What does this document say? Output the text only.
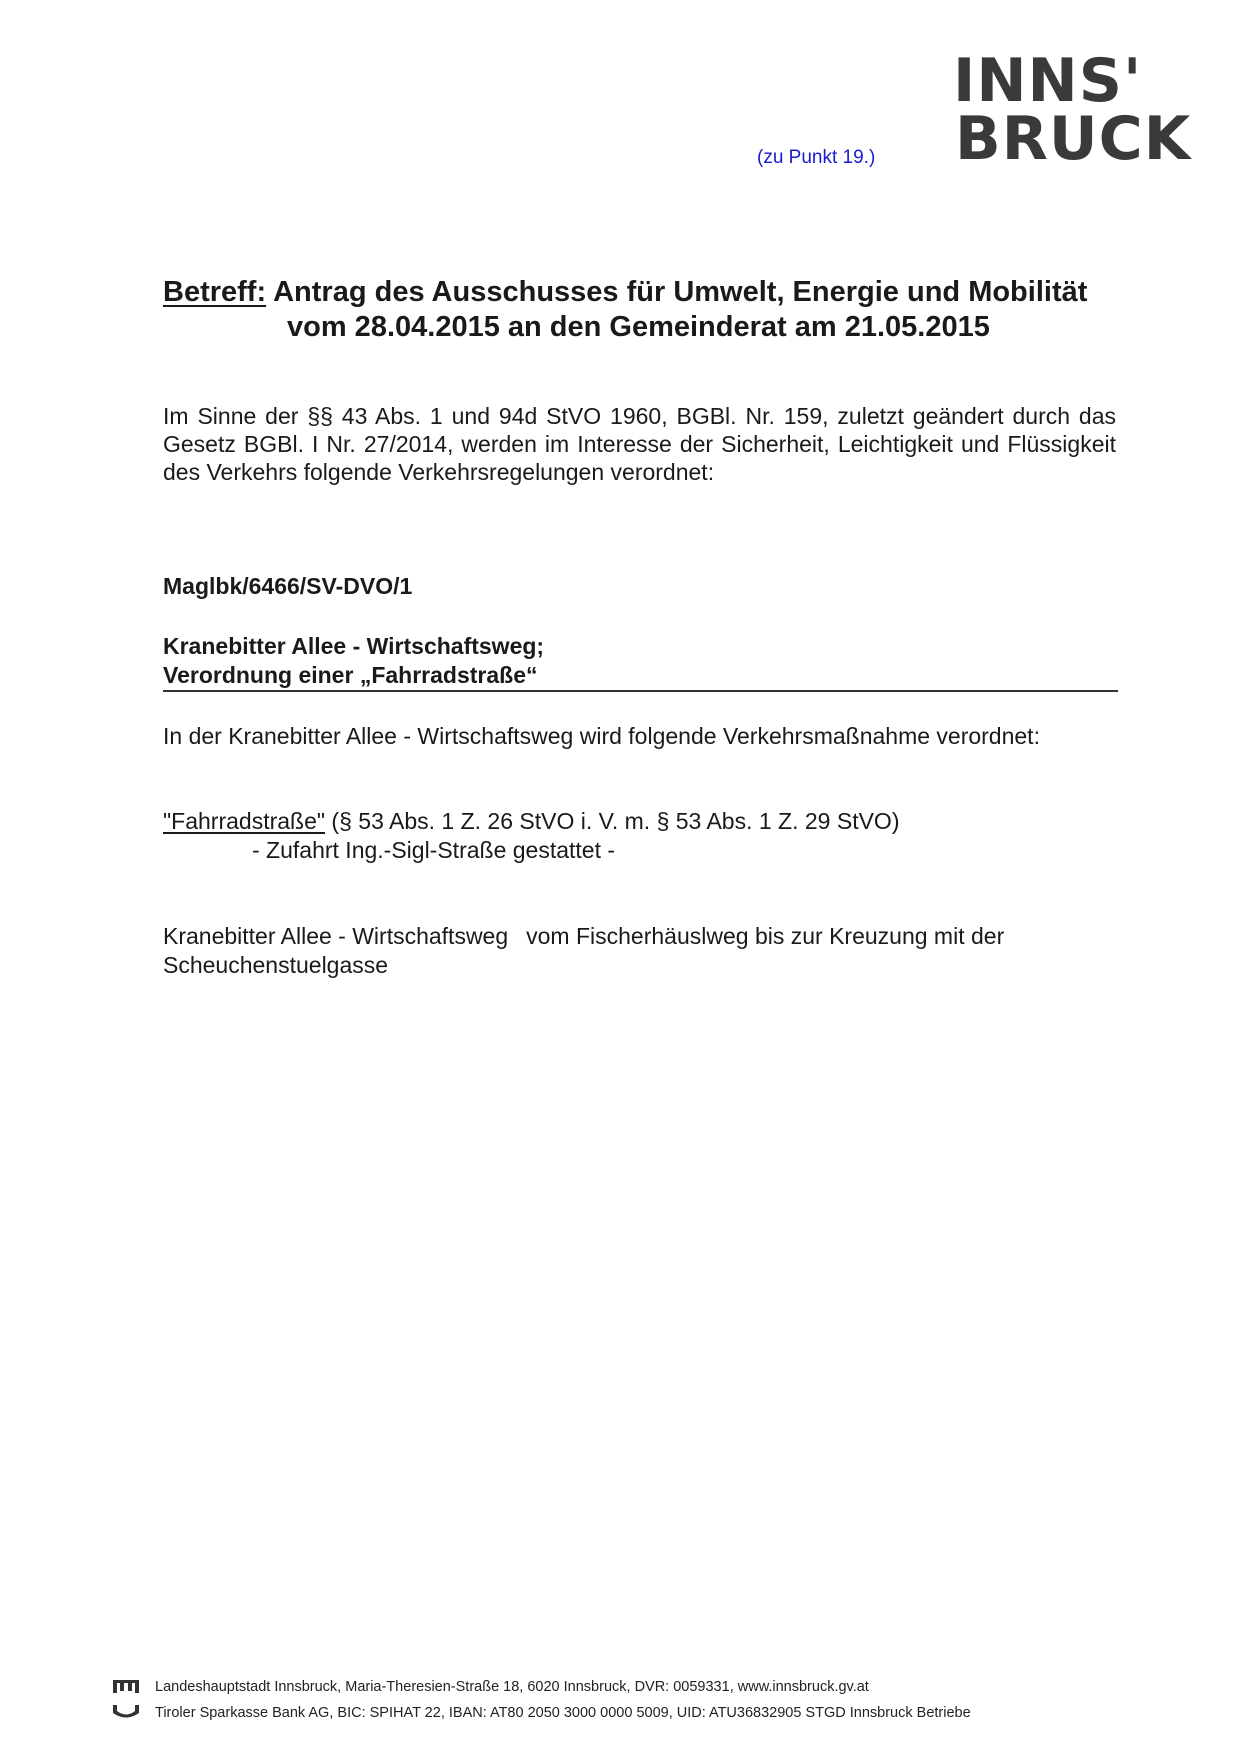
INNS'
BRUCK
(zu Punkt 19.)
Betreff: Antrag des Ausschusses für Umwelt, Energie und Mobilität
vom 28.04.2015 an den Gemeinderat am 21.05.2015
Im Sinne der §§ 43 Abs. 1 und 94d StVO 1960, BGBl. Nr. 159, zuletzt geändert durch das Gesetz BGBl. I Nr. 27/2014, werden im Interesse der Sicherheit, Leichtigkeit und Flüssigkeit des Verkehrs folgende Verkehrsregelungen verordnet:
Maglbk/6466/SV-DVO/1
Kranebitter Allee - Wirtschaftsweg;
Verordnung einer „Fahrradstraße“
In der Kranebitter Allee - Wirtschaftsweg wird folgende Verkehrsmaßnahme verordnet:
"Fahrradstraße" (§ 53 Abs. 1 Z. 26 StVO i. V. m. § 53 Abs. 1 Z. 29 StVO)
- Zufahrt Ing.-Sigl-Straße gestattet -
Kranebitter Allee - Wirtschaftsweg vom Fischerhäuslweg bis zur Kreuzung mit der Scheuchenstuelgasse
Landeshauptstadt Innsbruck, Maria-Theresien-Straße 18, 6020 Innsbruck, DVR: 0059331, www.innsbruck.gv.at
Tiroler Sparkasse Bank AG, BIC: SPIHAT 22, IBAN: AT80 2050 3000 0000 5009, UID: ATU36832905 STGD Innsbruck Betriebe
